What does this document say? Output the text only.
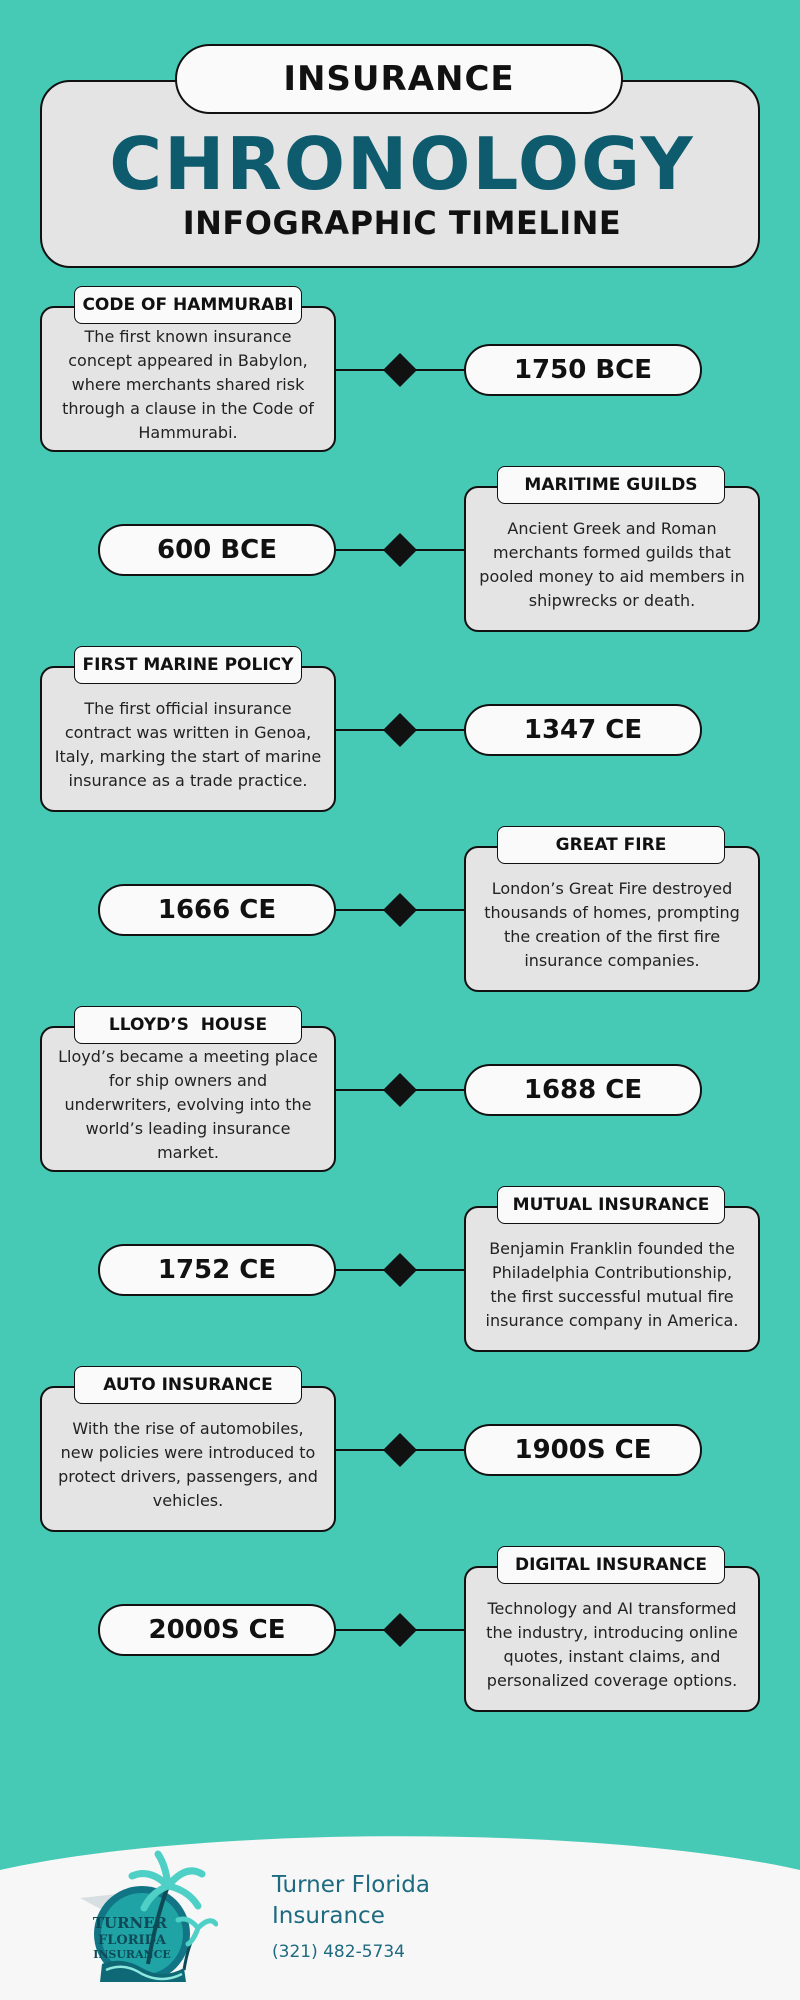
INSURANCE
CHRONOLOGY
INFOGRAPHIC TIMELINE
The first known insurance concept appeared in Babylon, where merchants shared risk through a clause in the Code of Hammurabi.
CODE OF HAMMURABI
1750 BCE
Ancient Greek and Roman merchants formed guilds that pooled money to aid members in shipwrecks or death.
MARITIME GUILDS
600 BCE
The first official insurance contract was written in Genoa, Italy, marking the start of marine insurance as a trade practice.
FIRST MARINE POLICY
1347 CE
London’s Great Fire destroyed thousands of homes, prompting the creation of the first fire insurance companies.
GREAT FIRE
1666 CE
Lloyd’s became a meeting place for ship owners and underwriters, evolving into the world’s leading insurance market.
LLOYD’S  HOUSE
1688 CE
Benjamin Franklin founded the Philadelphia Contributionship, the first successful mutual fire insurance company in America.
MUTUAL INSURANCE
1752 CE
With the rise of automobiles, new policies were introduced to protect drivers, passengers, and vehicles.
AUTO INSURANCE
1900S CE
Technology and AI transformed the industry, introducing online quotes, instant claims, and personalized coverage options.
DIGITAL INSURANCE
2000S CE
TURNER
FLORIDA
INSURANCE
Turner Florida Insurance
(321) 482-5734
